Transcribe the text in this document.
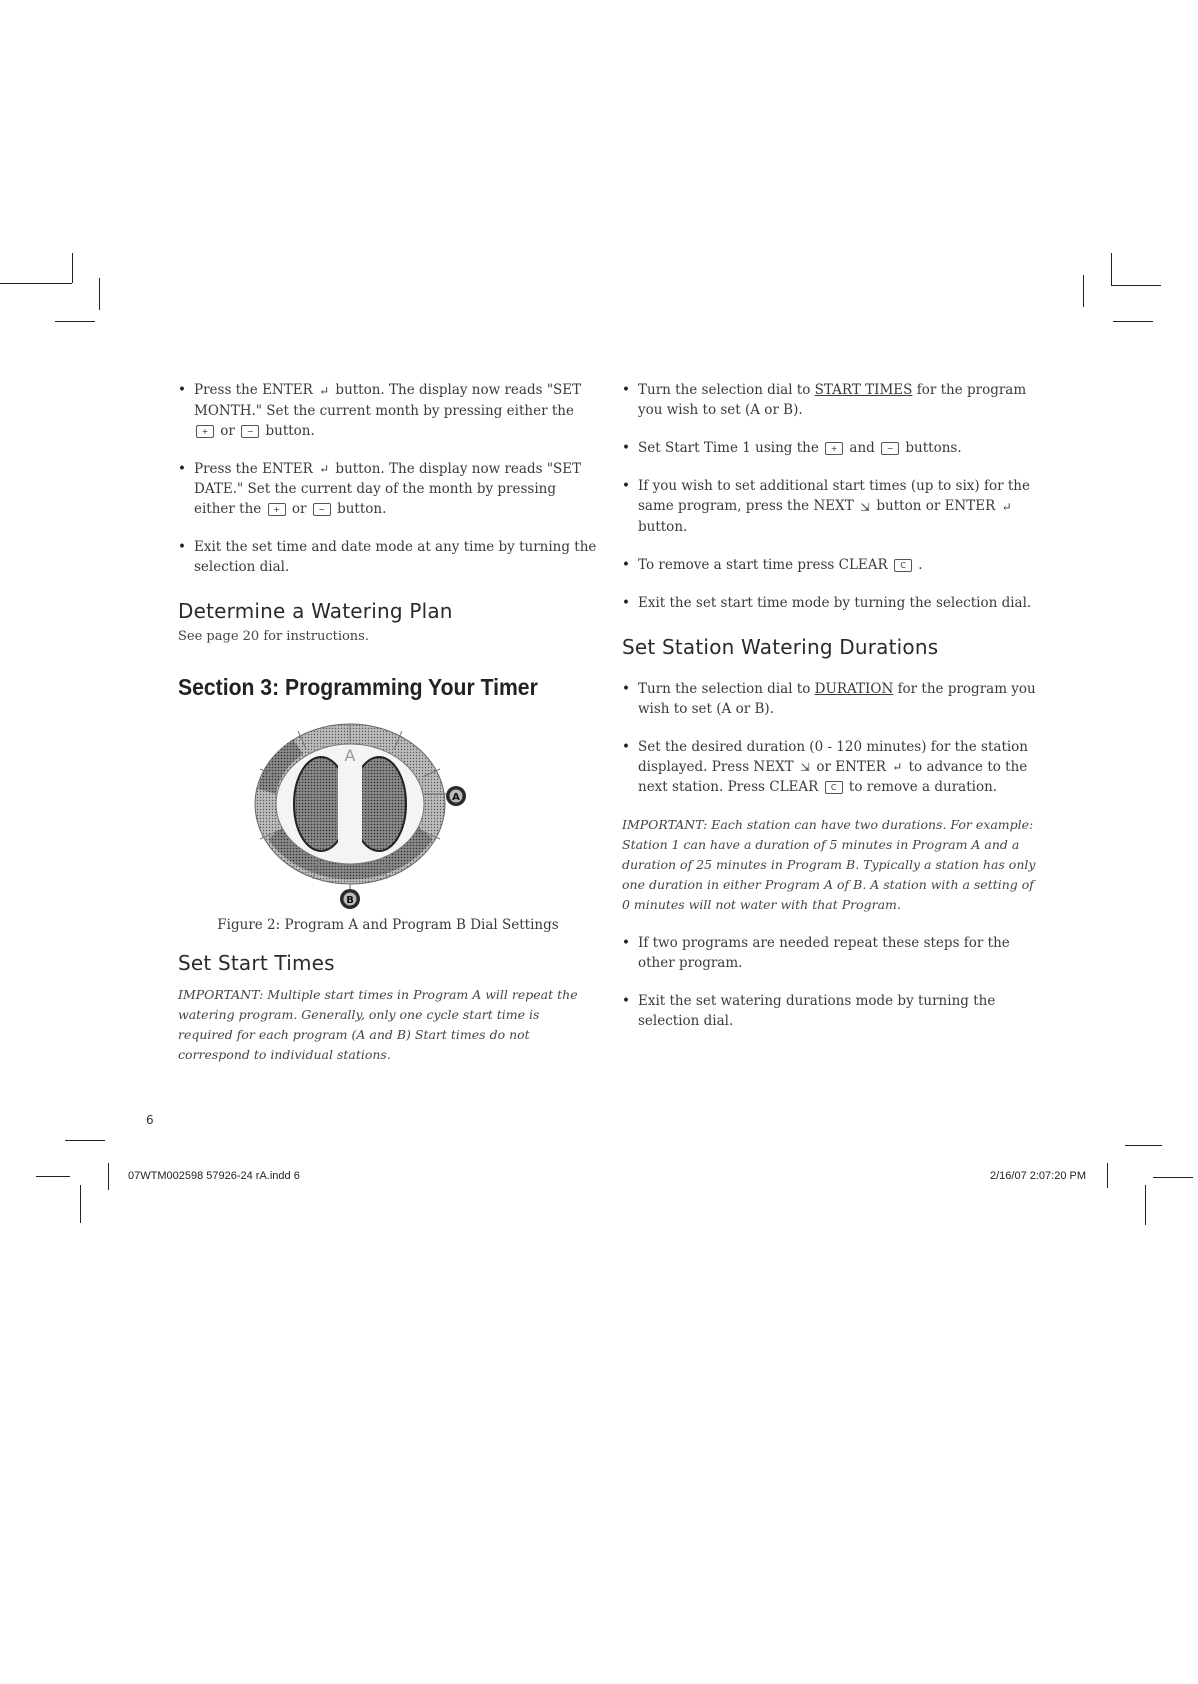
• Press the ENTER ↵ button. The display now reads "SET MONTH." Set the current month by pressing either the + or − button.
• Press the ENTER ↵ button. The display now reads "SET DATE." Set the current day of the month by pressing either the + or − button.
• Exit the set time and date mode at any time by turning the selection dial.
Determine a Watering Plan

See page 20 for instructions.

Section 3: Programming Your Timer
A
A
B
Figure 2: Program A and Program B Dial Settings
Set Start Times

IMPORTANT: Multiple start times in Program A will repeat the watering program. Generally, only one cycle start time is required for each program (A and B) Start times do not correspond to individual stations.

6
• Turn the selection dial to START TIMES for the program you wish to set (A or B).
• Set Start Time 1 using the + and − buttons.
• If you wish to set additional start times (up to six) for the same program, press the NEXT ⇲ button or ENTER ↵ button.
• To remove a start time press CLEAR C .
• Exit the set start time mode by turning the selection dial.
Set Station Watering Durations
• Turn the selection dial to DURATION for the program you wish to set (A or B).
• Set the desired duration (0 - 120 minutes) for the station displayed. Press NEXT ⇲ or ENTER ↵ to advance to the next station. Press CLEAR C to remove a duration.

IMPORTANT: Each station can have two durations. For example: Station 1 can have a duration of 5 minutes in Program A and a duration of 25 minutes in Program B. Typically a station has only one duration in either Program A of B. A station with a setting of 0 minutes will not water with that Program.

• If two programs are needed repeat these steps for the other program.
• Exit the set watering durations mode by turning the selection dial.
07WTM002598 57926-24 rA.indd 6	2/16/07 2:07:20 PM
